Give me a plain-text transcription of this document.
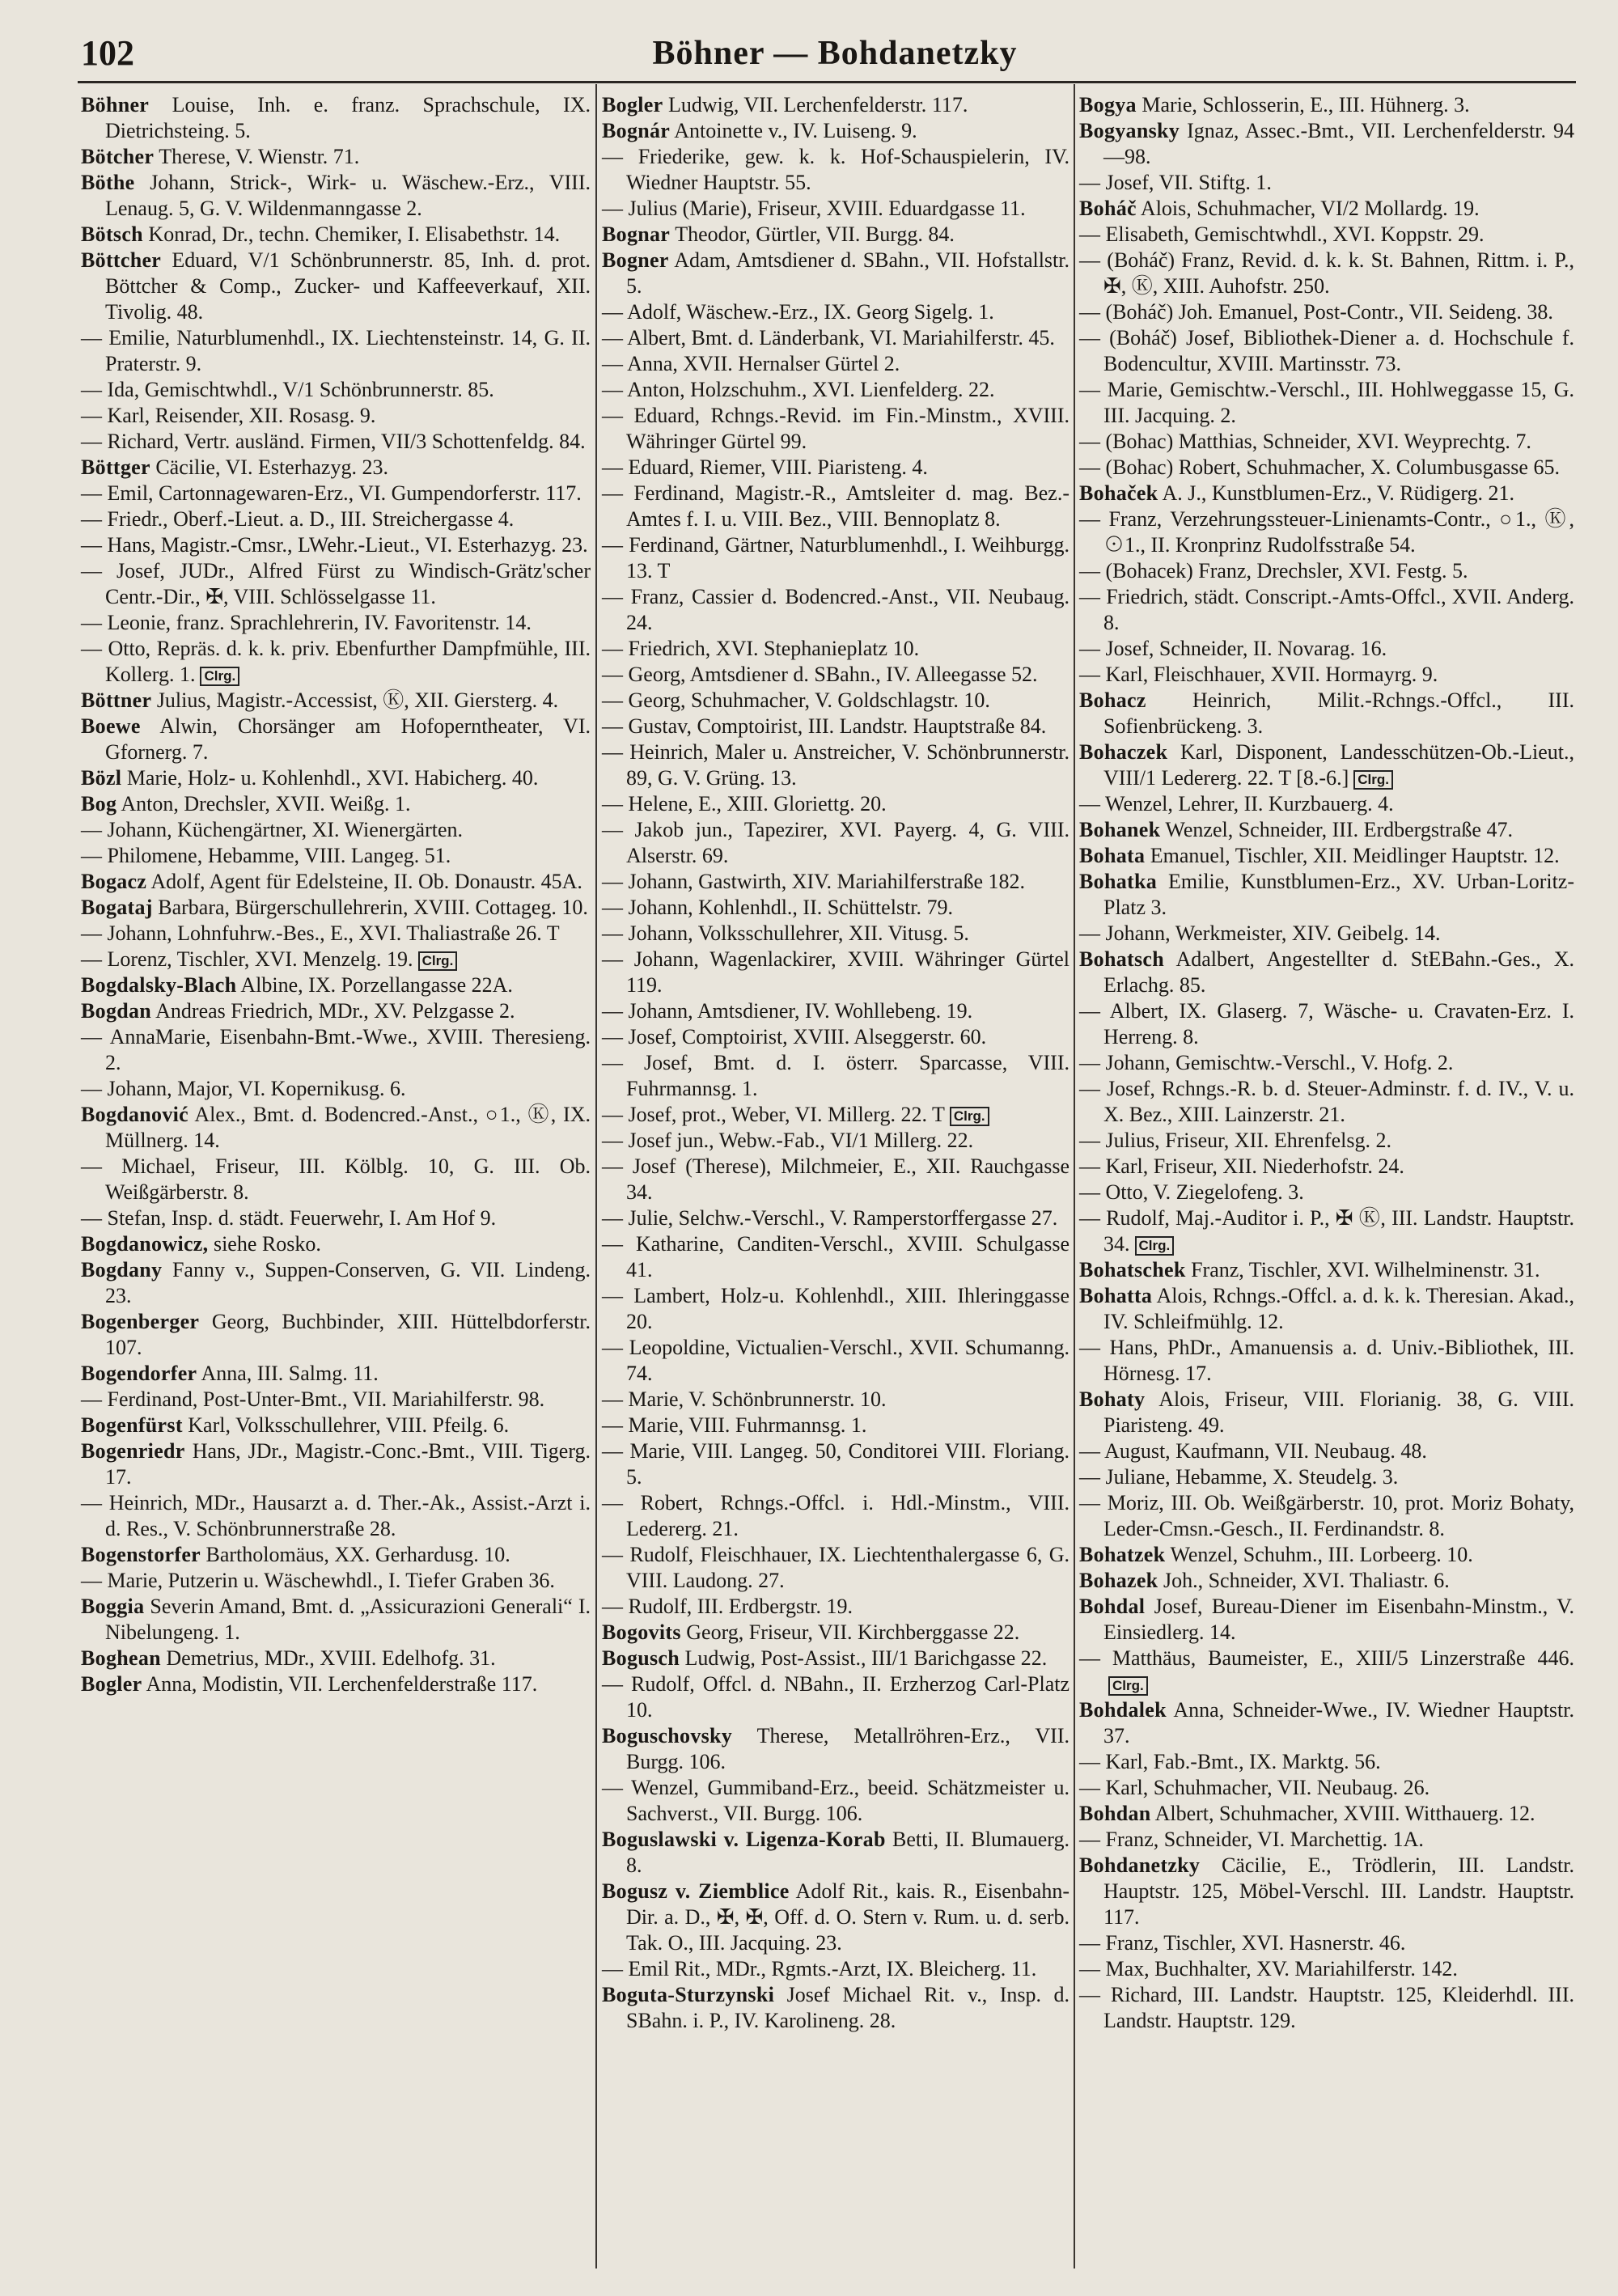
102	Böhner — Bohdanetzky

Böhner Louise, Inh. e. franz. Sprachschule, IX. Dietrichsteing. 5.

Bötcher Therese, V. Wienstr. 71.

Böthe Johann, Strick-, Wirk- u. Wäschew.-Erz., VIII. Lenaug. 5, G. V. Wildenmanngasse 2.

Bötsch Konrad, Dr., techn. Chemiker, I. Elisabethstr. 14.

Böttcher Eduard, V/1 Schönbrunnerstr. 85, Inh. d. prot. Böttcher & Comp., Zucker- und Kaffeeverkauf, XII. Tivolig. 48.

— Emilie, Naturblumenhdl., IX. Liechtensteinstr. 14, G. II. Praterstr. 9.

— Ida, Gemischtwhdl., V/1 Schönbrunnerstr. 85.

— Karl, Reisender, XII. Rosasg. 9.

— Richard, Vertr. ausländ. Firmen, VII/3 Schottenfeldg. 84.

Böttger Cäcilie, VI. Esterhazyg. 23.

— Emil, Cartonnagewaren-Erz., VI. Gumpendorferstr. 117.

— Friedr., Oberf.-Lieut. a. D., III. Streichergasse 4.

— Hans, Magistr.-Cmsr., LWehr.-Lieut., VI. Esterhazyg. 23.

— Josef, JUDr., Alfred Fürst zu Windisch-Grätz'scher Centr.-Dir., ✠, VIII. Schlösselgasse 11.

— Leonie, franz. Sprachlehrerin, IV. Favoritenstr. 14.

— Otto, Repräs. d. k. k. priv. Ebenfurther Dampfmühle, III. Kollerg. 1. Clrg.

Böttner Julius, Magistr.-Accessist, Ⓚ, XII. Giersterg. 4.

Boewe Alwin, Chorsänger am Hofoperntheater, VI. Gfornerg. 7.

Bözl Marie, Holz- u. Kohlenhdl., XVI. Habicherg. 40.

Bog Anton, Drechsler, XVII. Weißg. 1.

— Johann, Küchengärtner, XI. Wienergärten.

— Philomene, Hebamme, VIII. Langeg. 51.

Bogacz Adolf, Agent für Edelsteine, II. Ob. Donaustr. 45A.

Bogataj Barbara, Bürgerschullehrerin, XVIII. Cottageg. 10.

— Johann, Lohnfuhrw.-Bes., E., XVI. Thaliastraße 26. T

— Lorenz, Tischler, XVI. Menzelg. 19. Clrg.

Bogdalsky-Blach Albine, IX. Porzellangasse 22A.

Bogdan Andreas Friedrich, MDr., XV. Pelzgasse 2.

— AnnaMarie, Eisenbahn-Bmt.-Wwe., XVIII. Theresieng. 2.

— Johann, Major, VI. Kopernikusg. 6.

Bogdanović Alex., Bmt. d. Bodencred.-Anst., ○1., Ⓚ, IX. Müllnerg. 14.

— Michael, Friseur, III. Kölblg. 10, G. III. Ob. Weißgärberstr. 8.

— Stefan, Insp. d. städt. Feuerwehr, I. Am Hof 9.

Bogdanowicz, siehe Rosko.

Bogdany Fanny v., Suppen-Conserven, G. VII. Lindeng. 23.

Bogenberger Georg, Buchbinder, XIII. Hüttelbdorferstr. 107.

Bogendorfer Anna, III. Salmg. 11.

— Ferdinand, Post-Unter-Bmt., VII. Mariahilferstr. 98.

Bogenfürst Karl, Volksschullehrer, VIII. Pfeilg. 6.

Bogenriedr Hans, JDr., Magistr.-Conc.-Bmt., VIII. Tigerg. 17.

— Heinrich, MDr., Hausarzt a. d. Ther.-Ak., Assist.-Arzt i. d. Res., V. Schönbrunnerstraße 28.

Bogenstorfer Bartholomäus, XX. Gerhardusg. 10.

— Marie, Putzerin u. Wäschewhdl., I. Tiefer Graben 36.

Boggia Severin Amand, Bmt. d. „Assicurazioni Generali“ I. Nibelungeng. 1.

Boghean Demetrius, MDr., XVIII. Edelhofg. 31.

Bogler Anna, Modistin, VII. Lerchenfelderstraße 117.

Bogler Ludwig, VII. Lerchenfelderstr. 117.

Bognár Antoinette v., IV. Luiseng. 9.

— Friederike, gew. k. k. Hof-Schauspielerin, IV. Wiedner Hauptstr. 55.

— Julius (Marie), Friseur, XVIII. Eduardgasse 11.

Bognar Theodor, Gürtler, VII. Burgg. 84.

Bogner Adam, Amtsdiener d. SBahn., VII. Hofstallstr. 5.

— Adolf, Wäschew.-Erz., IX. Georg Sigelg. 1.

— Albert, Bmt. d. Länderbank, VI. Mariahilferstr. 45.

— Anna, XVII. Hernalser Gürtel 2.

— Anton, Holzschuhm., XVI. Lienfelderg. 22.

— Eduard, Rchngs.-Revid. im Fin.-Minstm., XVIII. Währinger Gürtel 99.

— Eduard, Riemer, VIII. Piaristeng. 4.

— Ferdinand, Magistr.-R., Amtsleiter d. mag. Bez.-Amtes f. I. u. VIII. Bez., VIII. Bennoplatz 8.

— Ferdinand, Gärtner, Naturblumenhdl., I. Weihburgg. 13. T

— Franz, Cassier d. Bodencred.-Anst., VII. Neubaug. 24.

— Friedrich, XVI. Stephanieplatz 10.

— Georg, Amtsdiener d. SBahn., IV. Alleegasse 52.

— Georg, Schuhmacher, V. Goldschlagstr. 10.

— Gustav, Comptoirist, III. Landstr. Hauptstraße 84.

— Heinrich, Maler u. Anstreicher, V. Schönbrunnerstr. 89, G. V. Grüng. 13.

— Helene, E., XIII. Gloriettg. 20.

— Jakob jun., Tapezirer, XVI. Payerg. 4, G. VIII. Alserstr. 69.

— Johann, Gastwirth, XIV. Mariahilferstraße 182.

— Johann, Kohlenhdl., II. Schüttelstr. 79.

— Johann, Volksschullehrer, XII. Vitusg. 5.

— Johann, Wagenlackirer, XVIII. Währinger Gürtel 119.

— Johann, Amtsdiener, IV. Wohllebeng. 19.

— Josef, Comptoirist, XVIII. Alseggerstr. 60.

— Josef, Bmt. d. I. österr. Sparcasse, VIII. Fuhrmannsg. 1.

— Josef, prot., Weber, VI. Millerg. 22. T Clrg.

— Josef jun., Webw.-Fab., VI/1 Millerg. 22.

— Josef (Therese), Milchmeier, E., XII. Rauchgasse 34.

— Julie, Selchw.-Verschl., V. Ramperstorffergasse 27.

— Katharine, Canditen-Verschl., XVIII. Schulgasse 41.

— Lambert, Holz-u. Kohlenhdl., XIII. Ihleringgasse 20.

— Leopoldine, Victualien-Verschl., XVII. Schumanng. 74.

— Marie, V. Schönbrunnerstr. 10.

— Marie, VIII. Fuhrmannsg. 1.

— Marie, VIII. Langeg. 50, Conditorei VIII. Floriang. 5.

— Robert, Rchngs.-Offcl. i. Hdl.-Minstm., VIII. Ledererg. 21.

— Rudolf, Fleischhauer, IX. Liechtenthalergasse 6, G. VIII. Laudong. 27.

— Rudolf, III. Erdbergstr. 19.

Bogovits Georg, Friseur, VII. Kirchberggasse 22.

Bogusch Ludwig, Post-Assist., III/1 Barichgasse 22.

— Rudolf, Offcl. d. NBahn., II. Erzherzog Carl-Platz 10.

Boguschovsky Therese, Metallröhren-Erz., VII. Burgg. 106.

— Wenzel, Gummiband-Erz., beeid. Schätzmeister u. Sachverst., VII. Burgg. 106.

Boguslawski v. Ligenza-Korab Betti, II. Blumauerg. 8.

Bogusz v. Ziemblice Adolf Rit., kais. R., Eisenbahn-Dir. a. D., ✠, ✠, Off. d. O. Stern v. Rum. u. d. serb. Tak. O., III. Jacquing. 23.

— Emil Rit., MDr., Rgmts.-Arzt, IX. Bleicherg. 11.

Boguta-Sturzynski Josef Michael Rit. v., Insp. d. SBahn. i. P., IV. Karolineng. 28.

Bogya Marie, Schlosserin, E., III. Hühnerg. 3.

Bogyansky Ignaz, Assec.-Bmt., VII. Lerchenfelderstr. 94—98.

— Josef, VII. Stiftg. 1.

Boháč Alois, Schuhmacher, VI/2 Mollardg. 19.

— Elisabeth, Gemischtwhdl., XVI. Koppstr. 29.

— (Boháč) Franz, Revid. d. k. k. St. Bahnen, Rittm. i. P., ✠, Ⓚ, XIII. Auhofstr. 250.

— (Boháč) Joh. Emanuel, Post-Contr., VII. Seideng. 38.

— (Boháč) Josef, Bibliothek-Diener a. d. Hochschule f. Bodencultur, XVIII. Martinsstr. 73.

— Marie, Gemischtw.-Verschl., III. Hohlweggasse 15, G. III. Jacquing. 2.

— (Bohac) Matthias, Schneider, XVI. Weyprechtg. 7.

— (Bohac) Robert, Schuhmacher, X. Columbusgasse 65.

Bohaček A. J., Kunstblumen-Erz., V. Rüdigerg. 21.

— Franz, Verzehrungssteuer-Linienamts-Contr., ○1., Ⓚ, ⊙1., II. Kronprinz Rudolfsstraße 54.

— (Bohacek) Franz, Drechsler, XVI. Festg. 5.

— Friedrich, städt. Conscript.-Amts-Offcl., XVII. Anderg. 8.

— Josef, Schneider, II. Novarag. 16.

— Karl, Fleischhauer, XVII. Hormayrg. 9.

Bohacz Heinrich, Milit.-Rchngs.-Offcl., III. Sofienbrückeng. 3.

Bohaczek Karl, Disponent, Landesschützen-Ob.-Lieut., VIII/1 Ledererg. 22. T [8.-6.] Clrg.

— Wenzel, Lehrer, II. Kurzbauerg. 4.

Bohanek Wenzel, Schneider, III. Erdbergstraße 47.

Bohata Emanuel, Tischler, XII. Meidlinger Hauptstr. 12.

Bohatka Emilie, Kunstblumen-Erz., XV. Urban-Loritz-Platz 3.

— Johann, Werkmeister, XIV. Geibelg. 14.

Bohatsch Adalbert, Angestellter d. StEBahn.-Ges., X. Erlachg. 85.

— Albert, IX. Glaserg. 7, Wäsche- u. Cravaten-Erz. I. Herreng. 8.

— Johann, Gemischtw.-Verschl., V. Hofg. 2.

— Josef, Rchngs.-R. b. d. Steuer-Adminstr. f. d. IV., V. u. X. Bez., XIII. Lainzerstr. 21.

— Julius, Friseur, XII. Ehrenfelsg. 2.

— Karl, Friseur, XII. Niederhofstr. 24.

— Otto, V. Ziegelofeng. 3.

— Rudolf, Maj.-Auditor i. P., ✠ Ⓚ, III. Landstr. Hauptstr. 34. Clrg.

Bohatschek Franz, Tischler, XVI. Wilhelminenstr. 31.

Bohatta Alois, Rchngs.-Offcl. a. d. k. k. Theresian. Akad., IV. Schleifmühlg. 12.

— Hans, PhDr., Amanuensis a. d. Univ.-Bibliothek, III. Hörnesg. 17.

Bohaty Alois, Friseur, VIII. Florianig. 38, G. VIII. Piaristeng. 49.

— August, Kaufmann, VII. Neubaug. 48.

— Juliane, Hebamme, X. Steudelg. 3.

— Moriz, III. Ob. Weißgärberstr. 10, prot. Moriz Bohaty, Leder-Cmsn.-Gesch., II. Ferdinandstr. 8.

Bohatzek Wenzel, Schuhm., III. Lorbeerg. 10.

Bohazek Joh., Schneider, XVI. Thaliastr. 6.

Bohdal Josef, Bureau-Diener im Eisenbahn-Minstm., V. Einsiedlerg. 14.

— Matthäus, Baumeister, E., XIII/5 Linzerstraße 446.Clrg.

Bohdalek Anna, Schneider-Wwe., IV. Wiedner Hauptstr. 37.

— Karl, Fab.-Bmt., IX. Marktg. 56.

— Karl, Schuhmacher, VII. Neubaug. 26.

Bohdan Albert, Schuhmacher, XVIII. Witthauerg. 12.

— Franz, Schneider, VI. Marchettig. 1A.

Bohdanetzky Cäcilie, E., Trödlerin, III. Landstr. Hauptstr. 125, Möbel-Verschl. III. Landstr. Hauptstr. 117.

— Franz, Tischler, XVI. Hasnerstr. 46.

— Max, Buchhalter, XV. Mariahilferstr. 142.

— Richard, III. Landstr. Hauptstr. 125, Kleiderhdl. III. Landstr. Hauptstr. 129.
